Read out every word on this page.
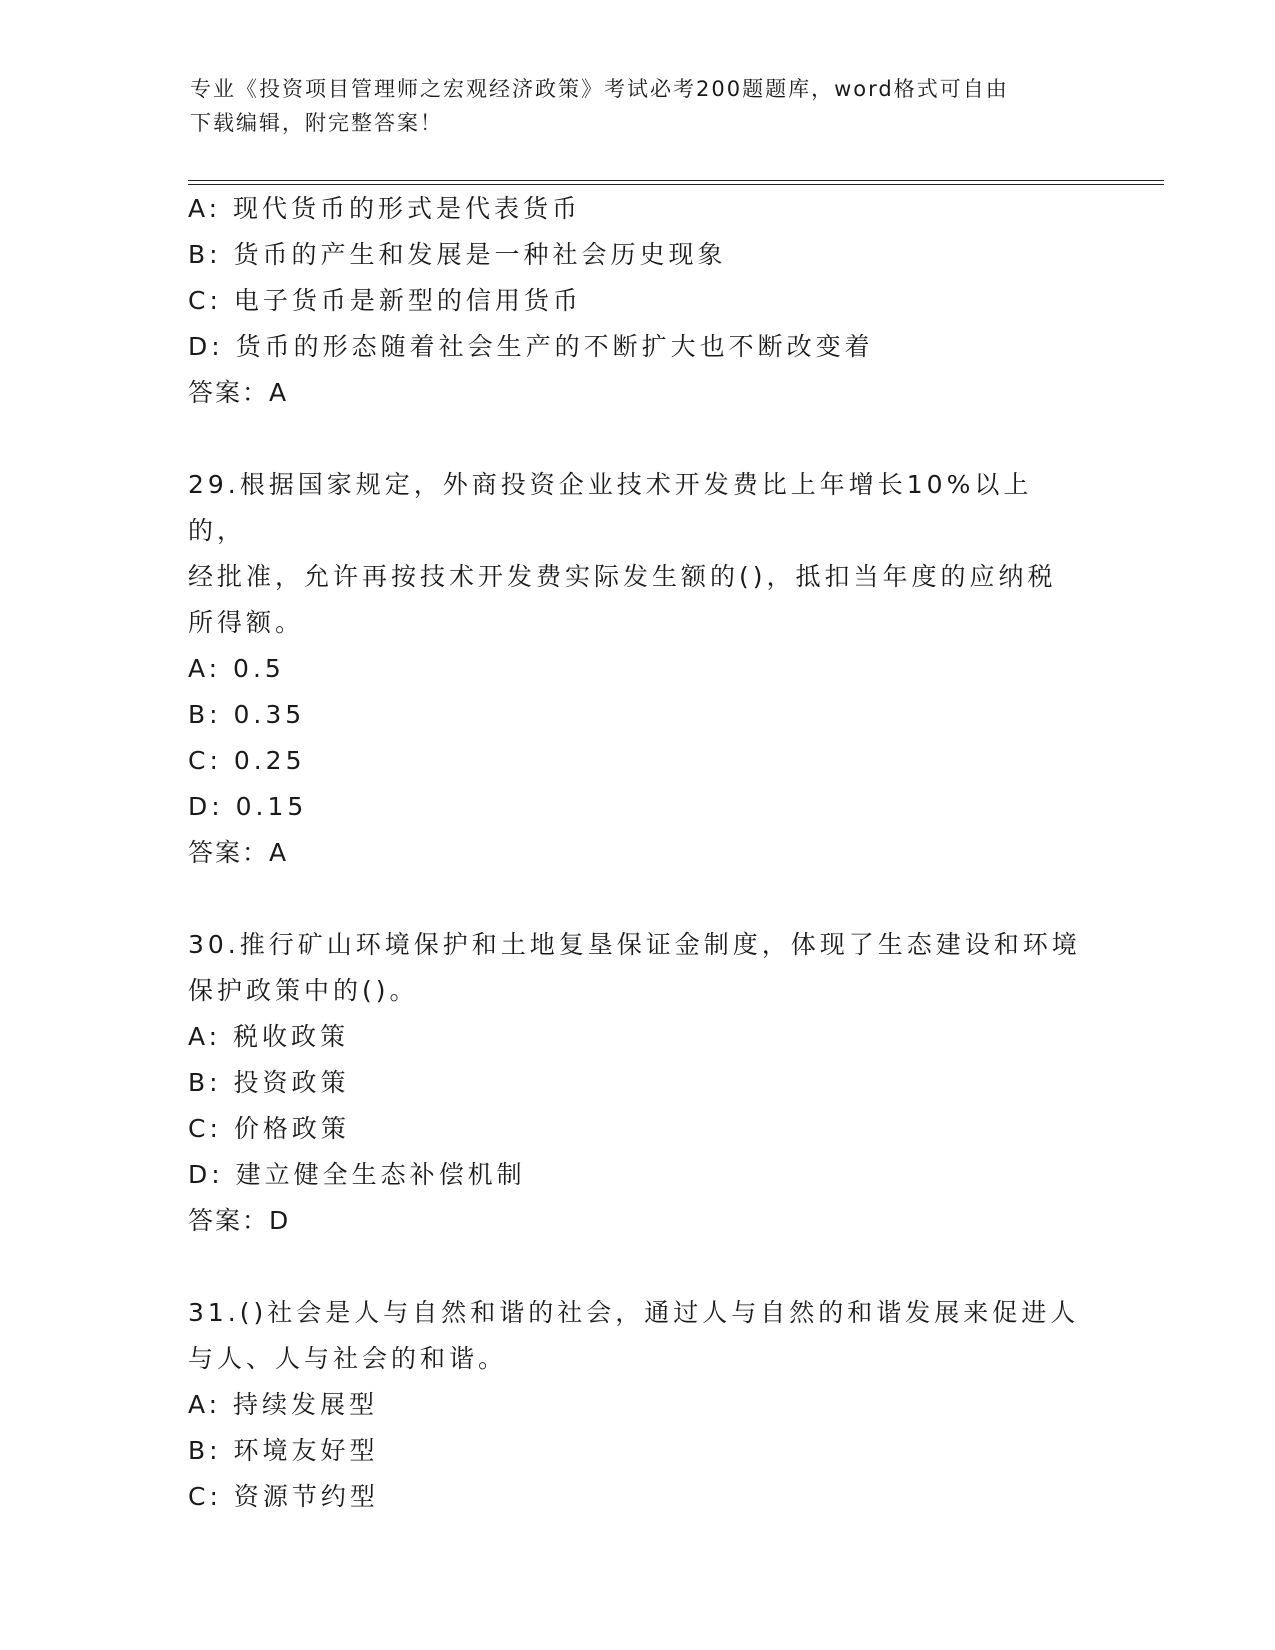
专业《投资项目管理师之宏观经济政策》考试必考200题题库，word格式可自由
下载编辑，附完整答案！
A: 现代货币的形式是代表货币
B: 货币的产生和发展是一种社会历史现象
C: 电子货币是新型的信用货币
D: 货币的形态随着社会生产的不断扩大也不断改变着
答案：A
29.根据国家规定，外商投资企业技术开发费比上年增长10%以上的，
经批准，允许再按技术开发费实际发生额的()，抵扣当年度的应纳税
所得额。
A: 0.5
B: 0.35
C: 0.25
D: 0.15
答案：A
30.推行矿山环境保护和土地复垦保证金制度，体现了生态建设和环境
保护政策中的()。
A: 税收政策
B: 投资政策
C: 价格政策
D: 建立健全生态补偿机制
答案：D
31.()社会是人与自然和谐的社会，通过人与自然的和谐发展来促进人
与人、人与社会的和谐。
A: 持续发展型
B: 环境友好型
C: 资源节约型
